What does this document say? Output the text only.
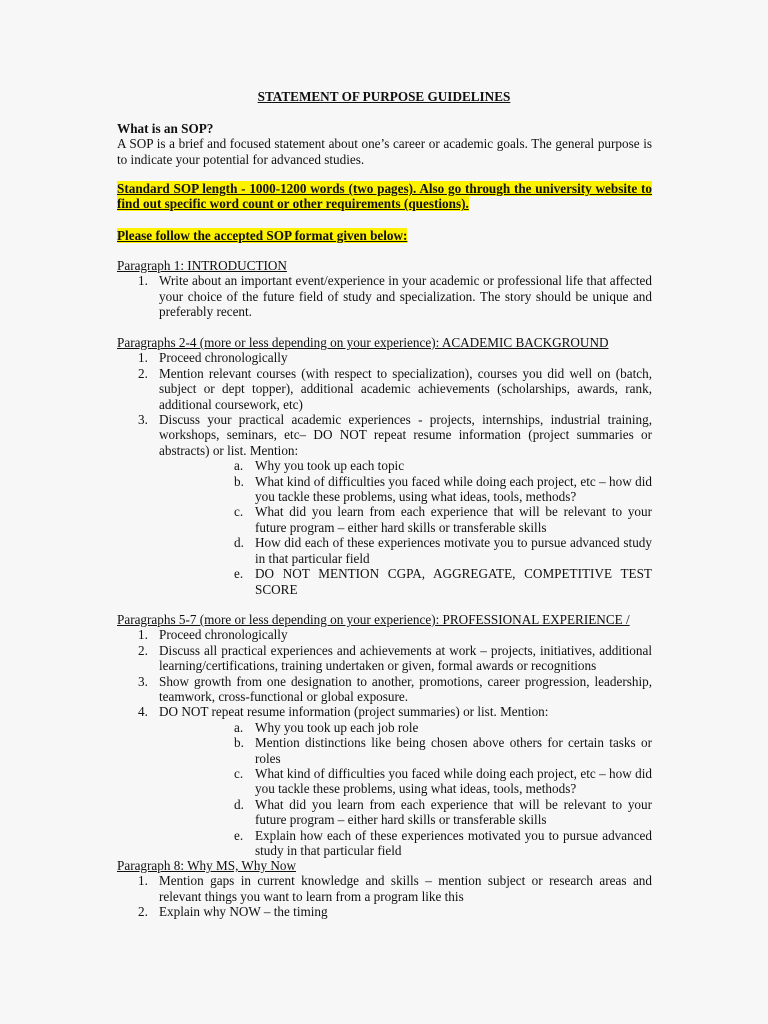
STATEMENT OF PURPOSE GUIDELINES
What is an SOP?
A SOP is a brief and focused statement about one’s career or academic goals. The general purpose is to indicate your potential for advanced studies.
Standard SOP length - 1000-1200 words (two pages). Also go through the university website to find out specific word count or other requirements (questions).
Please follow the accepted SOP format given below:
Paragraph 1: INTRODUCTION
1. Write about an important event/experience in your academic or professional life that affected your choice of the future field of study and specialization. The story should be unique and preferably recent.
Paragraphs 2-4 (more or less depending on your experience): ACADEMIC BACKGROUND
1. Proceed chronologically
2. Mention relevant courses (with respect to specialization), courses you did well on (batch, subject or dept topper), additional academic achievements (scholarships, awards, rank, additional coursework, etc)
3. Discuss your practical academic experiences - projects, internships, industrial training, workshops, seminars, etc– DO NOT repeat resume information (project summaries or abstracts) or list. Mention:
a. Why you took up each topic
b. What kind of difficulties you faced while doing each project, etc – how did you tackle these problems, using what ideas, tools, methods?
c. What did you learn from each experience that will be relevant to your future program – either hard skills or transferable skills
d. How did each of these experiences motivate you to pursue advanced study in that particular field
e. DO NOT MENTION CGPA, AGGREGATE, COMPETITIVE TEST SCORE
Paragraphs 5-7 (more or less depending on your experience): PROFESSIONAL EXPERIENCE /
1. Proceed chronologically
2. Discuss all practical experiences and achievements at work – projects, initiatives, additional learning/certifications, training undertaken or given, formal awards or recognitions
3. Show growth from one designation to another, promotions, career progression, leadership, teamwork, cross-functional or global exposure.
4. DO NOT repeat resume information (project summaries) or list. Mention:
a. Why you took up each job role
b. Mention distinctions like being chosen above others for certain tasks or roles
c. What kind of difficulties you faced while doing each project, etc – how did you tackle these problems, using what ideas, tools, methods?
d. What did you learn from each experience that will be relevant to your future program – either hard skills or transferable skills
e. Explain how each of these experiences motivated you to pursue advanced study in that particular field
Paragraph 8: Why MS, Why Now
1. Mention gaps in current knowledge and skills – mention subject or research areas and relevant things you want to learn from a program like this
2. Explain why NOW – the timing
